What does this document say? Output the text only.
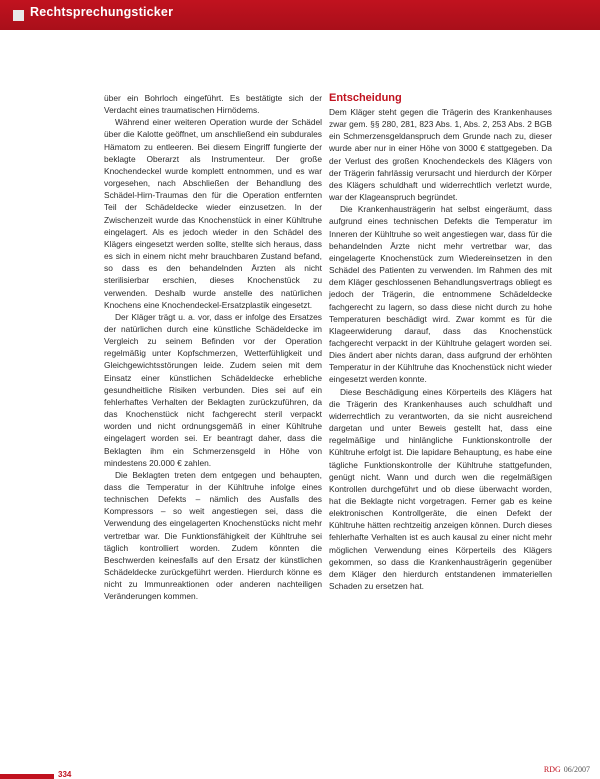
Rechtsprechungsticker

über ein Bohrloch eingeführt. Es bestätigte sich der Verdacht eines traumatischen Hirnödems.

Während einer weiteren Operation wurde der Schädel über die Kalotte geöffnet, um anschließend ein subdurales Hämatom zu entleeren. Bei diesem Eingriff fungierte der beklagte Oberarzt als Instrumenteur. Der große Knochendeckel wurde komplett entnommen, und es war vorgesehen, nach Abschließen der Behandlung des Schädel-Hirn-Traumas den für die Operation entfernten Teil der Schädeldecke wieder einzusetzen. In der Zwischenzeit wurde das Knochenstück in einer Kühltruhe eingelagert. Als es jedoch wieder in den Schädel des Klägers eingesetzt werden sollte, stellte sich heraus, dass es sich in einem nicht mehr brauchbaren Zustand befand, so dass es den behandelnden Ärzten als nicht sterilisierbar erschien, dieses Knochenstück zu verwenden. Deshalb wurde anstelle des natürlichen Knochens eine Knochendeckel-Ersatzplastik eingesetzt.

Der Kläger trägt u. a. vor, dass er infolge des Ersatzes der natürlichen durch eine künstliche Schädeldecke im Vergleich zu seinem Befinden vor der Operation regelmäßig unter Kopfschmerzen, Wetterfühligkeit und Gleichgewichtsstörungen leide. Zudem seien mit dem Einsatz einer künstlichen Schädeldecke erhebliche gesundheitliche Risiken verbunden. Dies sei auf ein fehlerhaftes Verhalten der Beklagten zurückzuführen, da das Knochenstück nicht fachgerecht steril verpackt worden und nicht ordnungsgemäß in einer Kühltruhe eingelagert worden sei. Er beantragt daher, dass die Beklagten ihm ein Schmerzensgeld in Höhe von mindestens 20.000 € zahlen.

Die Beklagten treten dem entgegen und behaupten, dass die Temperatur in der Kühltruhe infolge eines technischen Defekts – nämlich des Ausfalls des Kompressors – so weit angestiegen sei, dass die Verwendung des eingelagerten Knochenstücks nicht mehr vertretbar war. Die Funktionsfähigkeit der Kühltruhe sei täglich kontrolliert worden. Zudem könnten die Beschwerden keinesfalls auf den Ersatz der künstlichen Schädeldecke zurückgeführt werden. Hierdurch könne es nicht zu Immunreaktionen oder anderen nachteiligen Veränderungen kommen.

Entscheidung

Dem Kläger steht gegen die Trägerin des Krankenhauses zwar gem. §§ 280, 281, 823 Abs. 1, Abs. 2, 253 Abs. 2 BGB ein Schmerzensgeldanspruch dem Grunde nach zu, dieser wurde aber nur in einer Höhe von 3000 € stattgegeben. Da der Verlust des großen Knochendeckels des Klägers von der Trägerin fahrlässig verursacht und hierdurch der Körper des Klägers schuldhaft und widerrechtlich verletzt wurde, war der Klageanspruch begründet.

Die Krankenhausträgerin hat selbst eingeräumt, dass aufgrund eines technischen Defekts die Temperatur im Inneren der Kühltruhe so weit angestiegen war, dass für die behandelnden Ärzte nicht mehr vertretbar war, das eingelagerte Knochenstück zum Wiedereinsetzen in den Schädel des Patienten zu verwenden. Im Rahmen des mit dem Kläger geschlossenen Behandlungsvertrags obliegt es jedoch der Trägerin, die entnommene Schädeldecke fachgerecht zu lagern, so dass diese nicht durch zu hohe Temperaturen beschädigt wird. Zwar kommt es für die Klageerwiderung darauf, dass das Knochenstück fachgerecht verpackt in der Kühltruhe gelagert worden sei. Dies ändert aber nichts daran, dass aufgrund der erhöhten Temperatur in der Kühltruhe das Knochenstück nicht wieder eingesetzt werden konnte.

Diese Beschädigung eines Körperteils des Klägers hat die Trägerin des Krankenhauses auch schuldhaft und widerrechtlich zu verantworten, da sie nicht ausreichend dargetan und unter Beweis gestellt hat, dass eine regelmäßige und hinlängliche Funktionskontrolle der Kühltruhe erfolgt ist. Die lapidare Behauptung, es habe eine tägliche Funktionskontrolle der Kühltruhe stattgefunden, genügt nicht. Wann und durch wen die regelmäßigen Kontrollen durchgeführt und ob diese überwacht worden, hat die Beklagte nicht vorgetragen. Ferner gab es keine elektronischen Kontrollgeräte, die einen Defekt der Kühltruhe hätten rechtzeitig anzeigen können. Durch dieses fehlerhafte Verhalten ist es auch kausal zu einer nicht mehr möglichen Verwendung eines Körperteils des Klägers gekommen, so dass die Krankenhausträgerin gegenüber dem Kläger den hierdurch entstandenen immateriellen Schaden zu ersetzen hat.

334
RDG 06/2007
